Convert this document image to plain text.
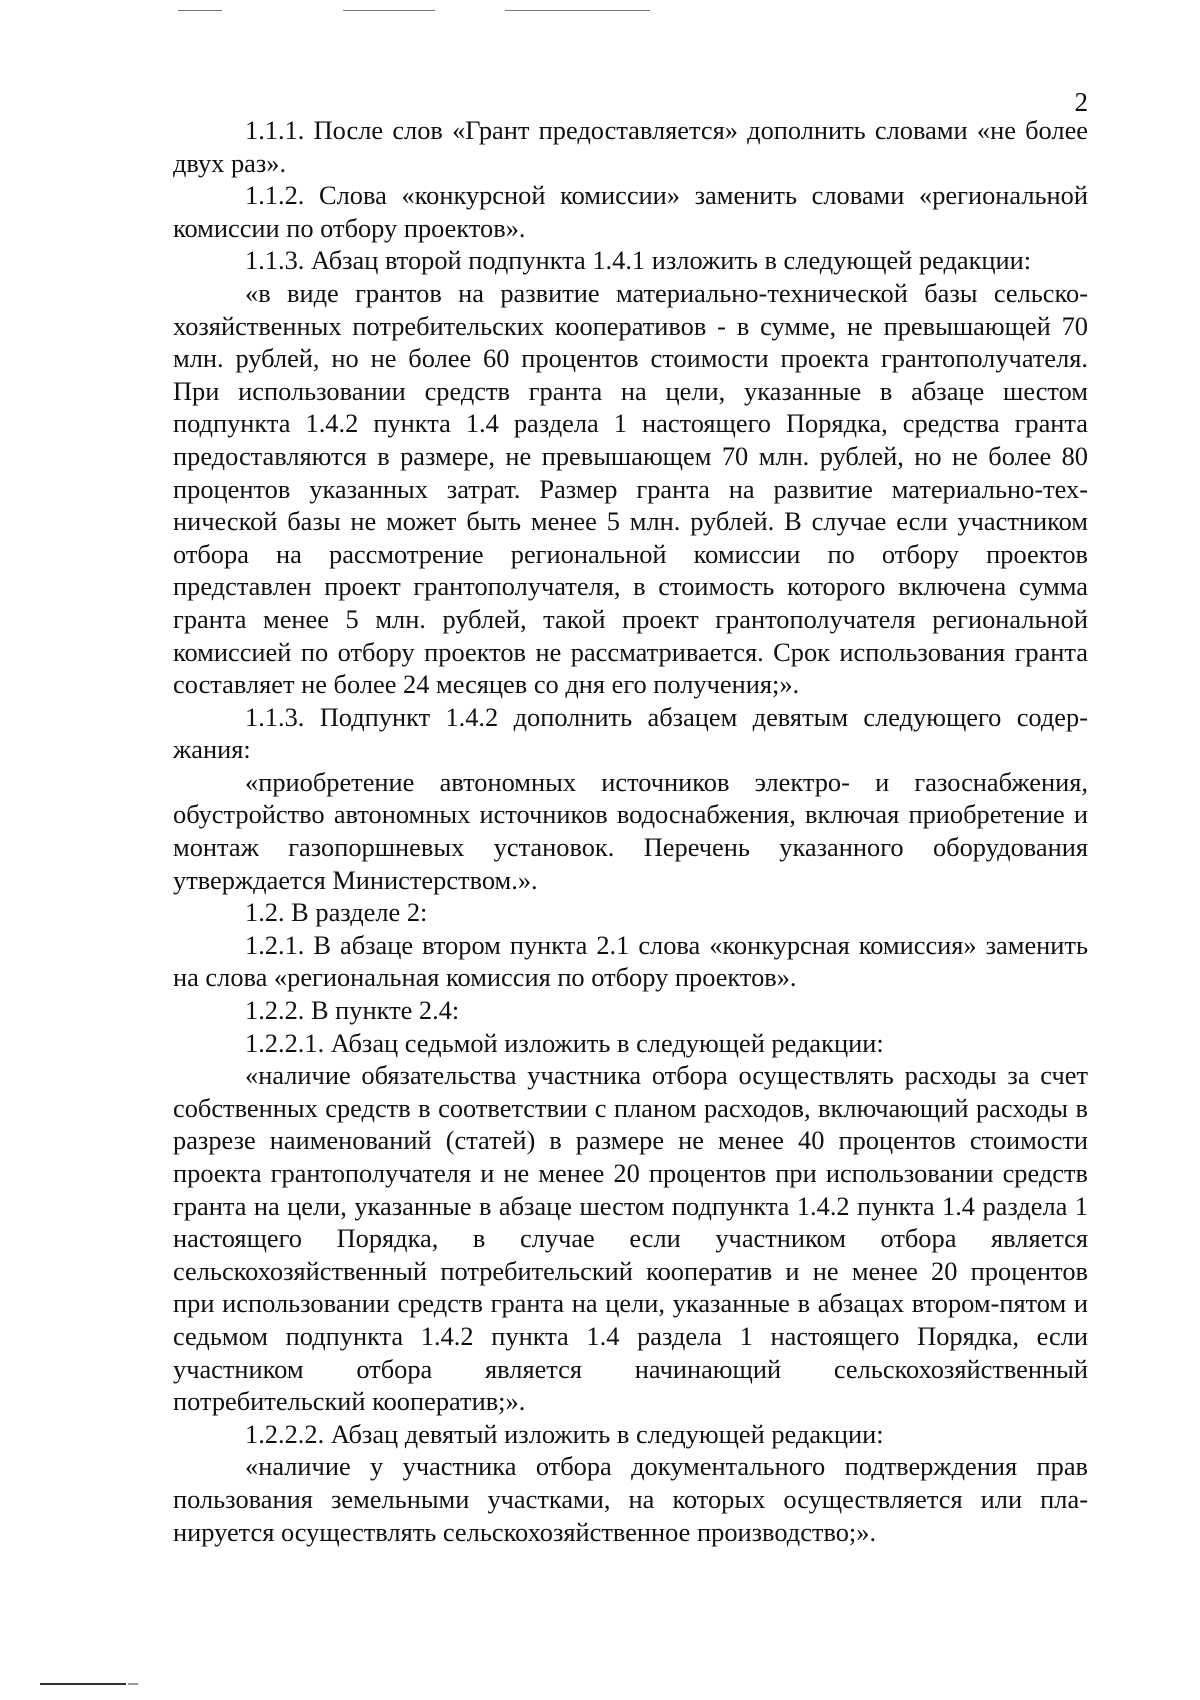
2

1.1.1. После слов «Грант предоставляется» дополнить словами «не более двух раз».

1.1.2. Слова «конкурсной комиссии» заменить словами «региональной комиссии по отбору проектов».

1.1.3. Абзац второй подпункта 1.4.1 изложить в следующей редакции:

«в виде грантов на развитие материально-технической базы сельскохозяйственных потребительских кооперативов - в сумме, не превышающей 70 млн. рублей, но не более 60 процентов стоимости проекта грантополучателя. При использовании средств гранта на цели, указанные в абзаце шестом подпункта 1.4.2 пункта 1.4 раздела 1 настоящего Порядка, средства гранта предоставляются в размере, не превышающем 70 млн. рублей, но не более 80 процентов указанных затрат. Размер гранта на развитие материально-технической базы не может быть менее 5 млн. рублей. В случае если участником отбора на рассмотрение региональной комиссии по отбору проектов представлен проект грантополучателя, в стоимость которого включена сумма гранта менее 5 млн. рублей, такой проект грантополучателя региональной комиссией по отбору проектов не рассматривается. Срок использования гранта составляет не более 24 месяцев со дня его получения;».

1.1.3. Подпункт 1.4.2 дополнить абзацем девятым следующего содержания:

«приобретение автономных источников электро- и газоснабжения, обустройство автономных источников водоснабжения, включая приобретение и монтаж газопоршневых установок. Перечень указанного оборудования утверждается Министерством.».

1.2. В разделе 2:

1.2.1. В абзаце втором пункта 2.1 слова «конкурсная комиссия» заменить на слова «региональная комиссия по отбору проектов».

1.2.2. В пункте 2.4:

1.2.2.1. Абзац седьмой изложить в следующей редакции:

«наличие обязательства участника отбора осуществлять расходы за счет собственных средств в соответствии с планом расходов, включающий расходы в разрезе наименований (статей) в размере не менее 40 процентов стоимости проекта грантополучателя и не менее 20 процентов при использовании средств гранта на цели, указанные в абзаце шестом подпункта 1.4.2 пункта 1.4 раздела 1 настоящего Порядка, в случае если участником отбора является сельскохозяйственный потребительский кооператив и не менее 20 процентов при использовании средств гранта на цели, указанные в абзацах втором-пятом и седьмом подпункта 1.4.2 пункта 1.4 раздела 1 настоящего Порядка, если участником отбора является начинающий сельскохозяйственный потребительский кооператив;».

1.2.2.2. Абзац девятый изложить в следующей редакции:

«наличие у участника отбора документального подтверждения прав пользования земельными участками, на которых осуществляется или планируется осуществлять сельскохозяйственное производство;».
